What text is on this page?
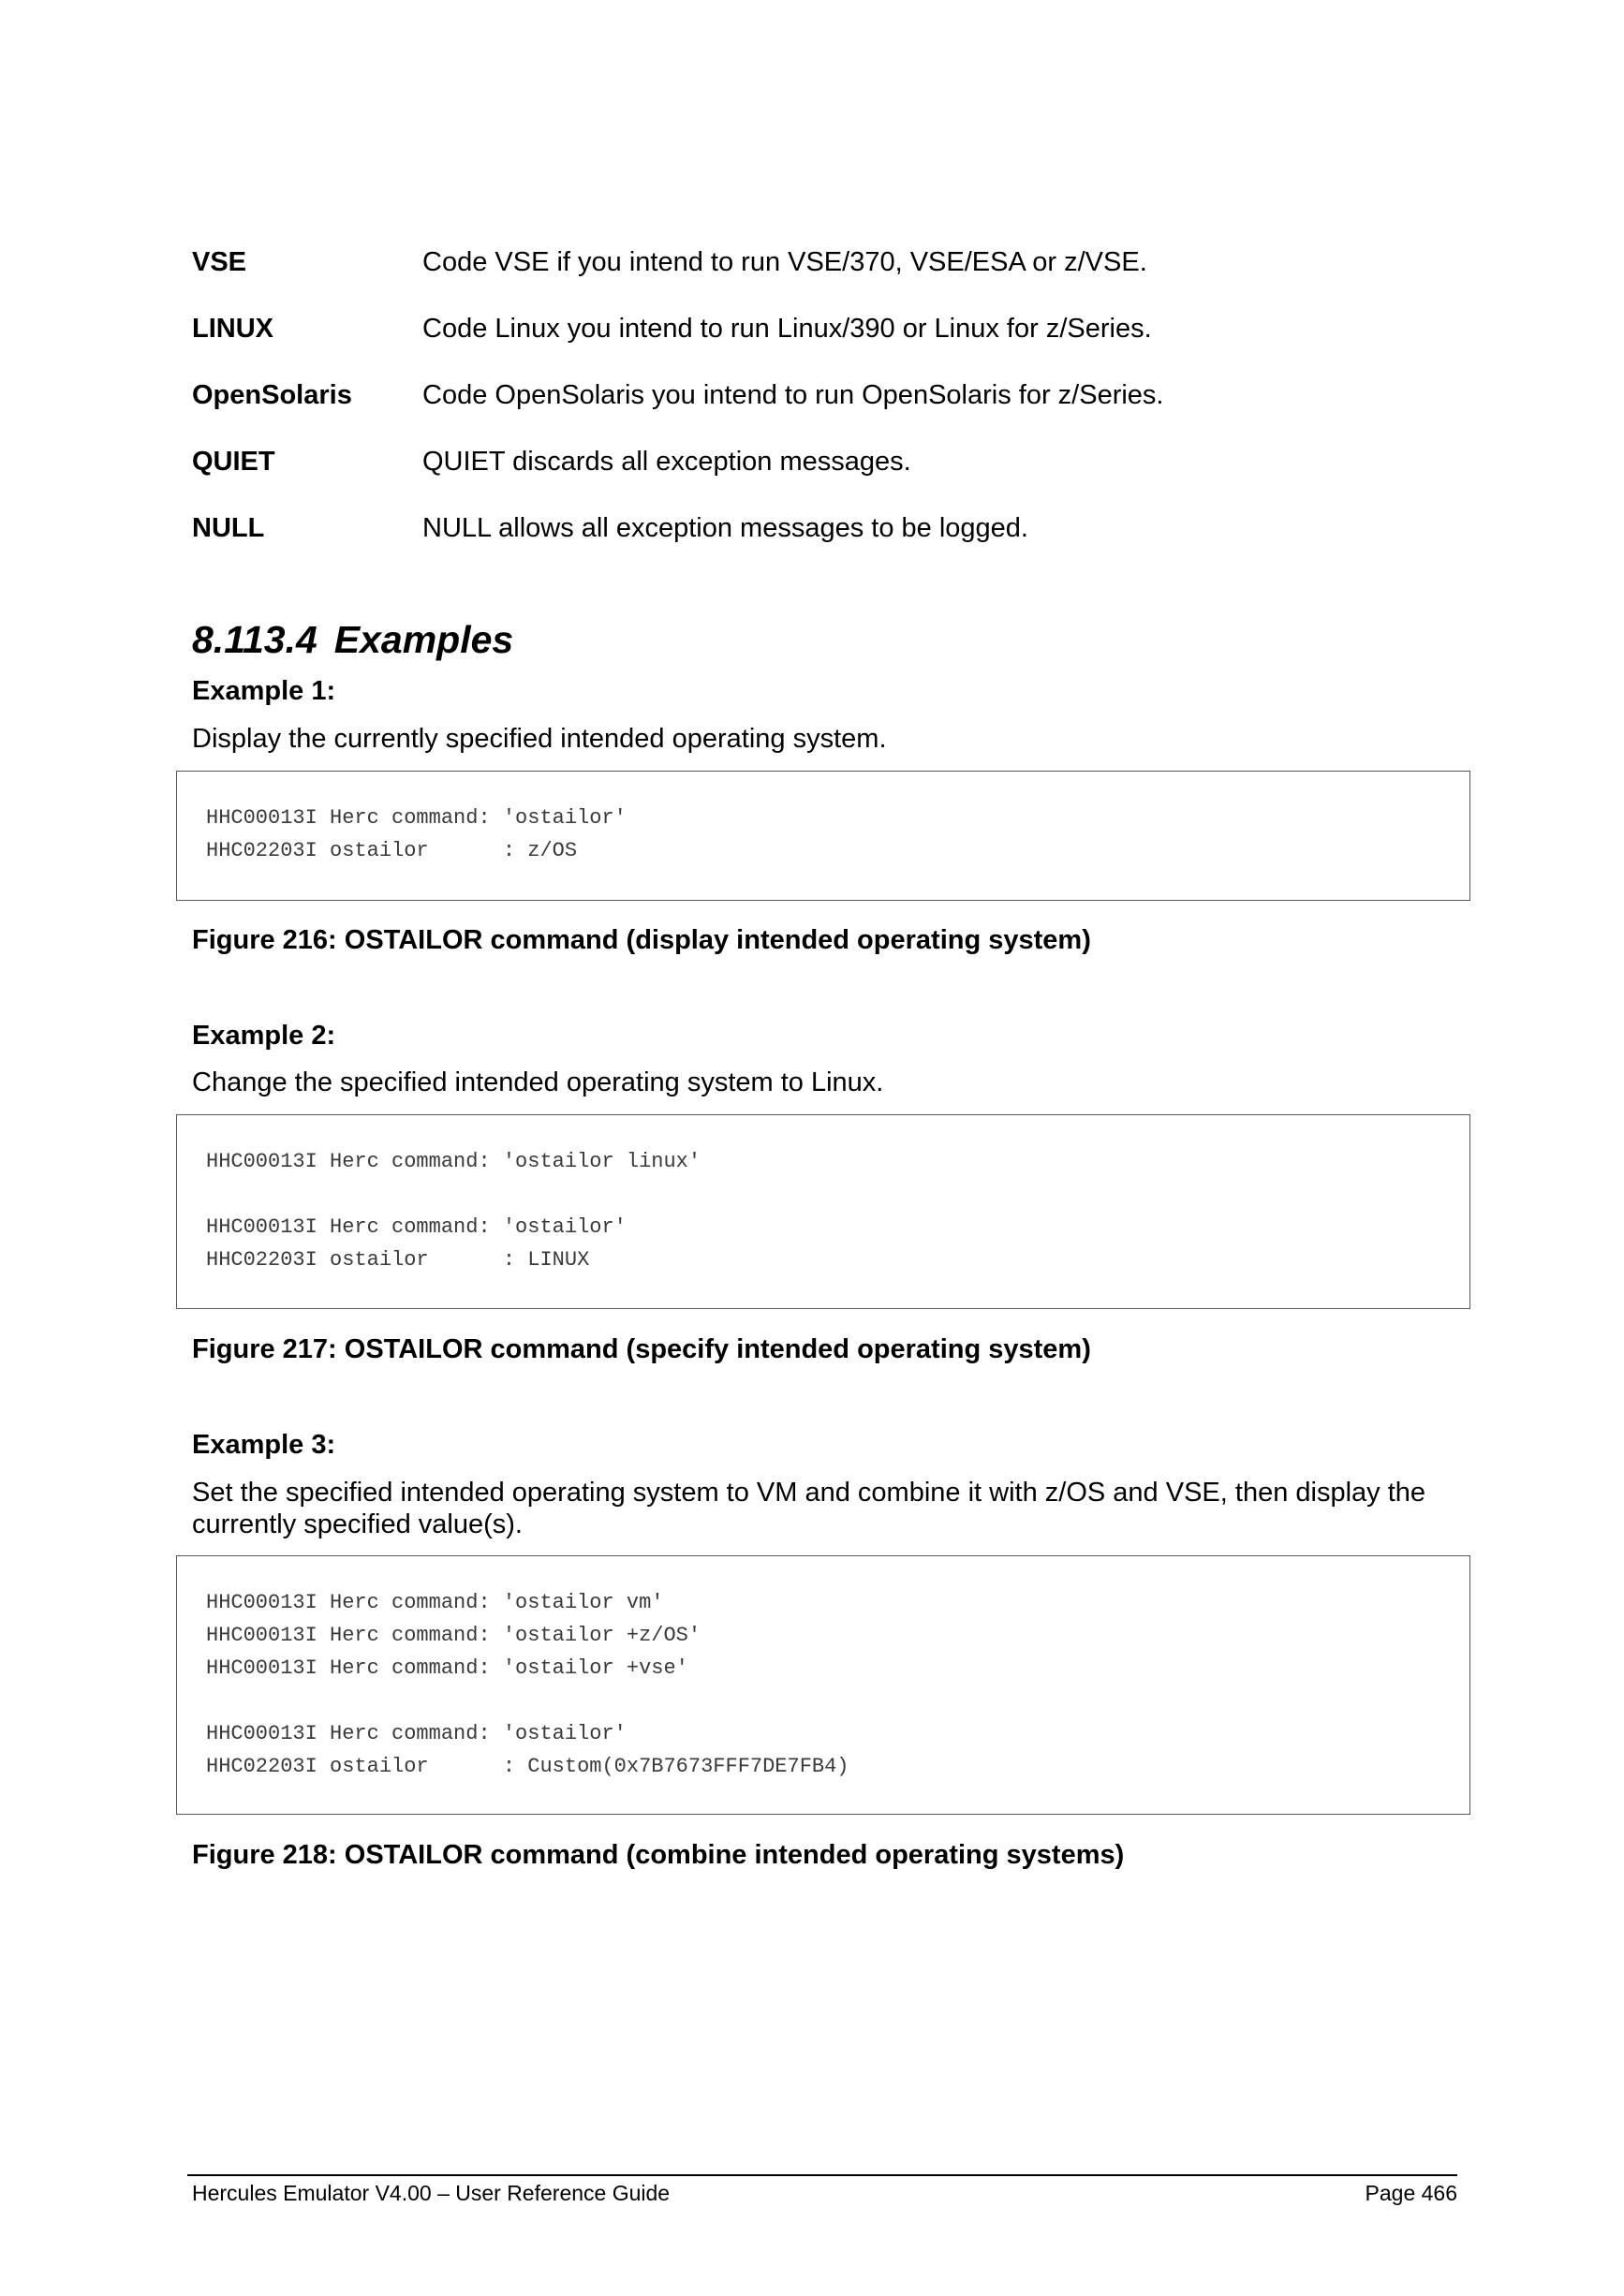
VSE	Code VSE if you intend to run VSE/370, VSE/ESA or z/VSE.
LINUX	Code Linux you intend to run Linux/390 or Linux for z/Series.
OpenSolaris	Code OpenSolaris you intend to run OpenSolaris for z/Series.
QUIET	QUIET discards all exception messages.
NULL	NULL allows all exception messages to be logged.
8.113.4 Examples
Example 1:
Display the currently specified intended operating system.
HHC00013I Herc command: 'ostailor'
HHC02203I ostailor      : z/OS
Figure 216: OSTAILOR command (display intended operating system)
Example 2:
Change the specified intended operating system to Linux.
HHC00013I Herc command: 'ostailor linux'
HHC00013I Herc command: 'ostailor'
HHC02203I ostailor      : LINUX
Figure 217: OSTAILOR command (specify intended operating system)
Example 3:
Set the specified intended operating system to VM and combine it with z/OS and VSE, then display the currently specified value(s).
HHC00013I Herc command: 'ostailor vm'
HHC00013I Herc command: 'ostailor +z/OS'
HHC00013I Herc command: 'ostailor +vse'
HHC00013I Herc command: 'ostailor'
HHC02203I ostailor      : Custom(0x7B7673FFF7DE7FB4)
Figure 218: OSTAILOR command (combine intended operating systems)
Hercules Emulator V4.00 – User Reference Guide	Page 466
